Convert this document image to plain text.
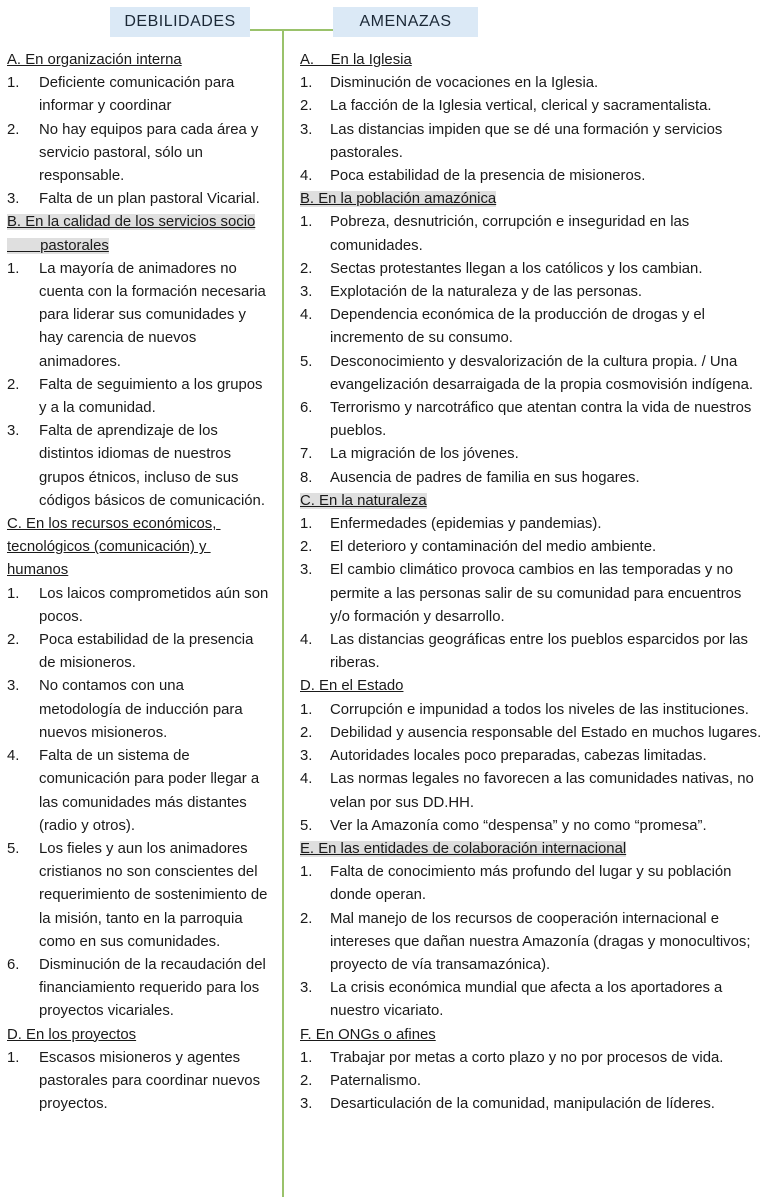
DEBILIDADES	AMENAZAS
A. En organización interna
1.	Deficiente comunicación para informar y coordinar
2.	No hay equipos para cada área y servicio pastoral, sólo un responsable.
3.	Falta de un plan pastoral Vicarial.
B. En la calidad de los servicios socio
pastorales
1.	La mayoría de animadores no cuenta con la formación necesaria para liderar sus comunidades y hay carencia de nuevos animadores.
2.	Falta de seguimiento a los grupos y a la comunidad.
3.	Falta de aprendizaje de los distintos idiomas de nuestros grupos étnicos, incluso de sus códigos básicos de comunicación.
C. En los recursos económicos, tecnológicos (comunicación) y humanos
1.	Los laicos comprometidos aún son pocos.
2.	Poca estabilidad de la presencia de misioneros.
3.	No contamos con una metodología de inducción para nuevos misioneros.
4.	Falta de un sistema de comunicación para poder llegar a las comunidades más distantes (radio y otros).
5.	Los fieles y aun los animadores cristianos no son conscientes del requerimiento de sostenimiento de la misión, tanto en la parroquia como en sus comunidades.
6.	Disminución de la recaudación del financiamiento requerido para los proyectos vicariales.
D. En los proyectos
1.	Escasos misioneros y agentes pastorales para coordinar nuevos proyectos.
A.    En la Iglesia
1.	Disminución de vocaciones en la Iglesia.
2.	La facción de la Iglesia vertical, clerical y sacramentalista.
3.	Las distancias impiden que se dé una formación y servicios pastorales.
4.	Poca estabilidad de la presencia de misioneros.
B. En la población amazónica
1.	Pobreza, desnutrición, corrupción e inseguridad en las comunidades.
2.	Sectas protestantes llegan a los católicos y los cambian.
3.	Explotación de la naturaleza y de las personas.
4.	Dependencia económica de la producción de drogas y el incremento de su consumo.
5.	Desconocimiento y desvalorización de la cultura propia. / Una evangelización desarraigada de la propia cosmovisión indígena.
6.	Terrorismo y narcotráfico que atentan contra la vida de nuestros pueblos.
7.	La migración de los jóvenes.
8.	Ausencia de padres de familia en sus hogares.
C. En la naturaleza
1.	Enfermedades (epidemias y pandemias).
2.	El deterioro y contaminación del medio ambiente.
3.	El cambio climático provoca cambios en las temporadas y no permite a las personas salir de su comunidad para encuentros y/o formación y desarrollo.
4.	Las distancias geográficas entre los pueblos esparcidos por las riberas.
D. En el Estado
1.	Corrupción e impunidad a todos los niveles de las instituciones.
2.	Debilidad y ausencia responsable del Estado en muchos lugares.
3.	Autoridades locales poco preparadas, cabezas limitadas.
4.	Las normas legales no favorecen a las comunidades nativas, no velan por sus DD.HH.
5.	Ver la Amazonía como “despensa” y no como “promesa”.
E. En las entidades de colaboración internacional
1.	Falta de conocimiento más profundo del lugar y su población donde operan.
2.	Mal manejo de los recursos de cooperación internacional e intereses que dañan nuestra Amazonía (dragas y monocultivos; proyecto de vía transamazónica).
3.	La crisis económica mundial que afecta a los aportadores a nuestro vicariato.
F. En ONGs o afines
1.	Trabajar por metas a corto plazo y no por procesos de vida.
2.	Paternalismo.
3.	Desarticulación de la comunidad, manipulación de líderes.
